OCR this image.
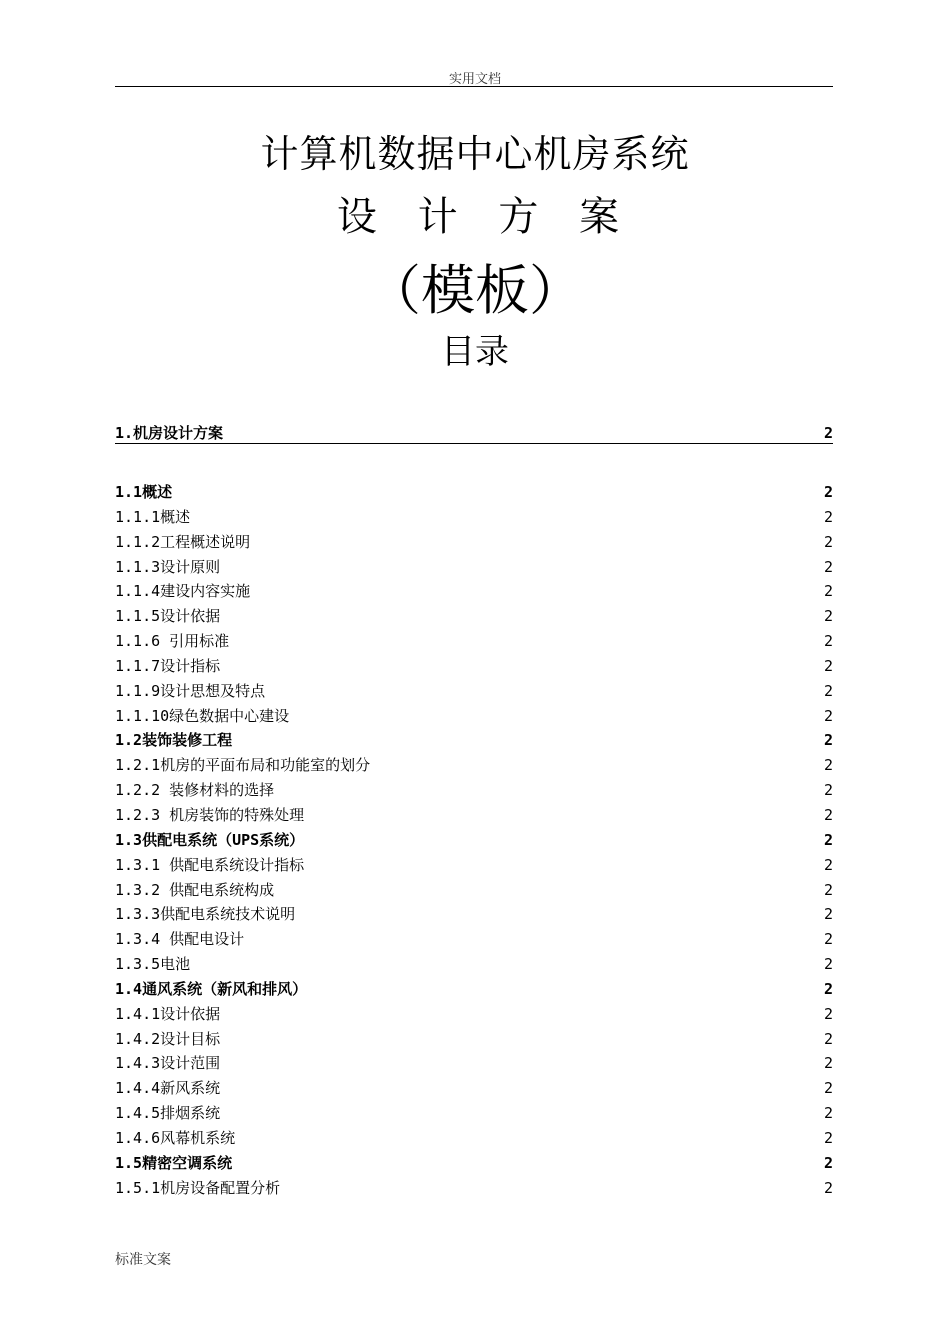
实用文档
计算机数据中心机房系统
设 计 方 案
（模板）
目录
1.机房设计方案	2
1.1概述	2
1.1.1概述	2
1.1.2工程概述说明	2
1.1.3设计原则	2
1.1.4建设内容实施	2
1.1.5设计依据	2
1.1.6 引用标准	2
1.1.7设计指标	2
1.1.9设计思想及特点	2
1.1.10绿色数据中心建设	2
1.2装饰装修工程	2
1.2.1机房的平面布局和功能室的划分	2
1.2.2 装修材料的选择	2
1.2.3 机房装饰的特殊处理	2
1.3供配电系统（UPS系统）	2
1.3.1 供配电系统设计指标	2
1.3.2 供配电系统构成	2
1.3.3供配电系统技术说明	2
1.3.4 供配电设计	2
1.3.5电池	2
1.4通风系统（新风和排风）	2
1.4.1设计依据	2
1.4.2设计目标	2
1.4.3设计范围	2
1.4.4新风系统	2
1.4.5排烟系统	2
1.4.6风幕机系统	2
1.5精密空调系统	2
1.5.1机房设备配置分析	2
标准文案
